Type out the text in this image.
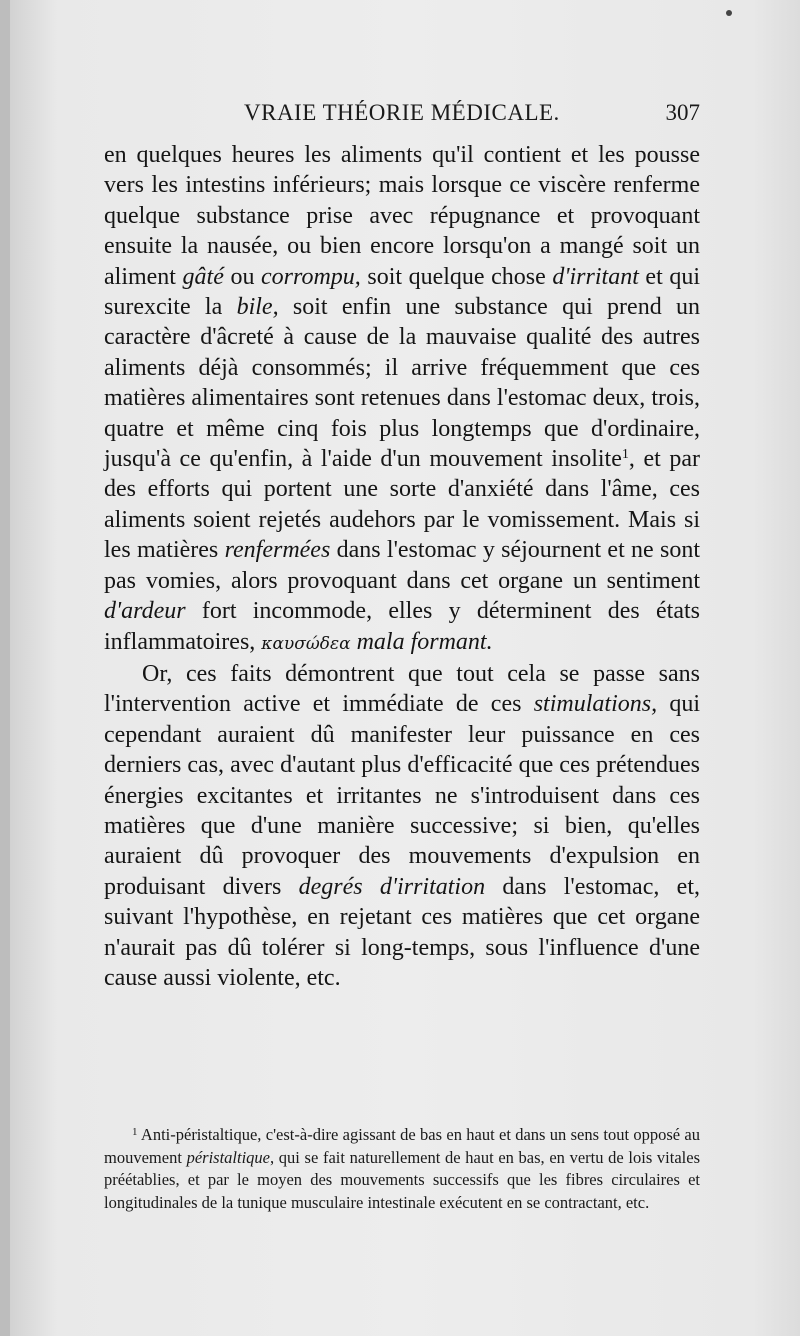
VRAIE THÉORIE MÉDICALE.	307

en quelques heures les aliments qu'il contient et les pousse vers les intestins inférieurs; mais lorsque ce viscère renferme quelque substance prise avec répugnance et provoquant ensuite la nausée, ou bien encore lorsqu'on a mangé soit un aliment gâté ou corrompu, soit quelque chose d'irritant et qui surexcite la bile, soit enfin une substance qui prend un caractère d'âcreté à cause de la mauvaise qualité des autres aliments déjà consommés; il arrive fréquemment que ces matières alimentaires sont retenues dans l'estomac deux, trois, quatre et même cinq fois plus longtemps que d'ordinaire, jusqu'à ce qu'enfin, à l'aide d'un mouvement insolite$^1$, et par des efforts qui portent une sorte d'anxiété dans l'âme, ces aliments soient rejetés audehors par le vomissement. Mais si les matières renfermées dans l'estomac y séjournent et ne sont pas vomies, alors provoquant dans cet organe un sentiment d'ardeur fort incommode, elles y déterminent des états inflammatoires, καυσώδεα mala formant.

Or, ces faits démontrent que tout cela se passe sans l'intervention active et immédiate de ces stimulations, qui cependant auraient dû manifester leur puissance en ces derniers cas, avec d'autant plus d'efficacité que ces prétendues énergies excitantes et irritantes ne s'introduisent dans ces matières que d'une manière successive; si bien, qu'elles auraient dû provoquer des mouvements d'expulsion en produisant divers degrés d'irritation dans l'estomac, et, suivant l'hypothèse, en rejetant ces matières que cet organe n'aurait pas dû tolérer si long-temps, sous l'influence d'une cause aussi violente, etc.

$^1$ Anti-péristaltique, c'est-à-dire agissant de bas en haut et dans un sens tout opposé au mouvement péristaltique, qui se fait naturellement de haut en bas, en vertu de lois vitales préétablies, et par le moyen des mouvements successifs que les fibres circulaires et longitudinales de la tunique musculaire intestinale exécutent en se contractant, etc.
